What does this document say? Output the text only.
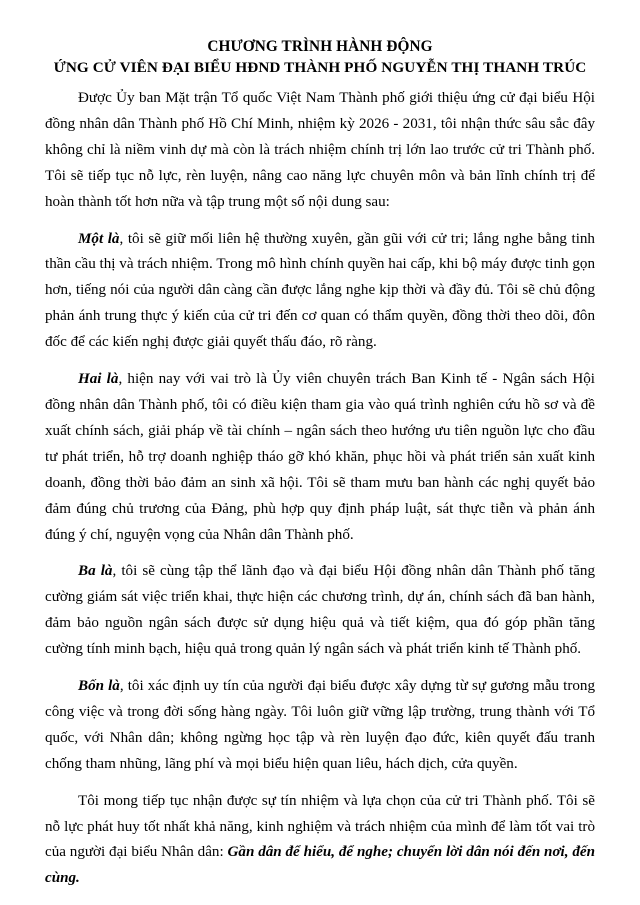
CHƯƠNG TRÌNH HÀNH ĐỘNG
ỨNG CỬ VIÊN ĐẠI BIỂU HĐND THÀNH PHỐ NGUYỄN THỊ THANH TRÚC

Được Ủy ban Mặt trận Tổ quốc Việt Nam Thành phố giới thiệu ứng cử đại biểu Hội đồng nhân dân Thành phố Hồ Chí Minh, nhiệm kỳ 2026 - 2031, tôi nhận thức sâu sắc đây không chỉ là niềm vinh dự mà còn là trách nhiệm chính trị lớn lao trước cử tri Thành phố. Tôi sẽ tiếp tục nỗ lực, rèn luyện, nâng cao năng lực chuyên môn và bản lĩnh chính trị để hoàn thành tốt hơn nữa và tập trung một số nội dung sau:

Một là, tôi sẽ giữ mối liên hệ thường xuyên, gần gũi với cử tri; lắng nghe bằng tinh thần cầu thị và trách nhiệm. Trong mô hình chính quyền hai cấp, khi bộ máy được tinh gọn hơn, tiếng nói của người dân càng cần được lắng nghe kịp thời và đầy đủ. Tôi sẽ chủ động phản ánh trung thực ý kiến của cử tri đến cơ quan có thẩm quyền, đồng thời theo dõi, đôn đốc để các kiến nghị được giải quyết thấu đáo, rõ ràng.

Hai là, hiện nay với vai trò là Ủy viên chuyên trách Ban Kinh tế - Ngân sách Hội đồng nhân dân Thành phố, tôi có điều kiện tham gia vào quá trình nghiên cứu hồ sơ và đề xuất chính sách, giải pháp về tài chính – ngân sách theo hướng ưu tiên nguồn lực cho đầu tư phát triển, hỗ trợ doanh nghiệp tháo gỡ khó khăn, phục hồi và phát triển sản xuất kinh doanh, đồng thời bảo đảm an sinh xã hội. Tôi sẽ tham mưu ban hành các nghị quyết bảo đảm đúng chủ trương của Đảng, phù hợp quy định pháp luật, sát thực tiễn và phản ánh đúng ý chí, nguyện vọng của Nhân dân Thành phố.

Ba là, tôi sẽ cùng tập thể lãnh đạo và đại biểu Hội đồng nhân dân Thành phố tăng cường giám sát việc triển khai, thực hiện các chương trình, dự án, chính sách đã ban hành, đảm bảo nguồn ngân sách được sử dụng hiệu quả và tiết kiệm, qua đó góp phần tăng cường tính minh bạch, hiệu quả trong quản lý ngân sách và phát triển kinh tế Thành phố.

Bốn là, tôi xác định uy tín của người đại biểu được xây dựng từ sự gương mẫu trong công việc và trong đời sống hàng ngày. Tôi luôn giữ vững lập trường, trung thành với Tổ quốc, với Nhân dân; không ngừng học tập và rèn luyện đạo đức, kiên quyết đấu tranh chống tham nhũng, lãng phí và mọi biểu hiện quan liêu, hách dịch, cửa quyền.

Tôi mong tiếp tục nhận được sự tín nhiệm và lựa chọn của cử tri Thành phố. Tôi sẽ nỗ lực phát huy tốt nhất khả năng, kinh nghiệm và trách nhiệm của mình để làm tốt vai trò của người đại biểu Nhân dân: Gần dân để hiểu, để nghe; chuyển lời dân nói đến nơi, đến cùng.
